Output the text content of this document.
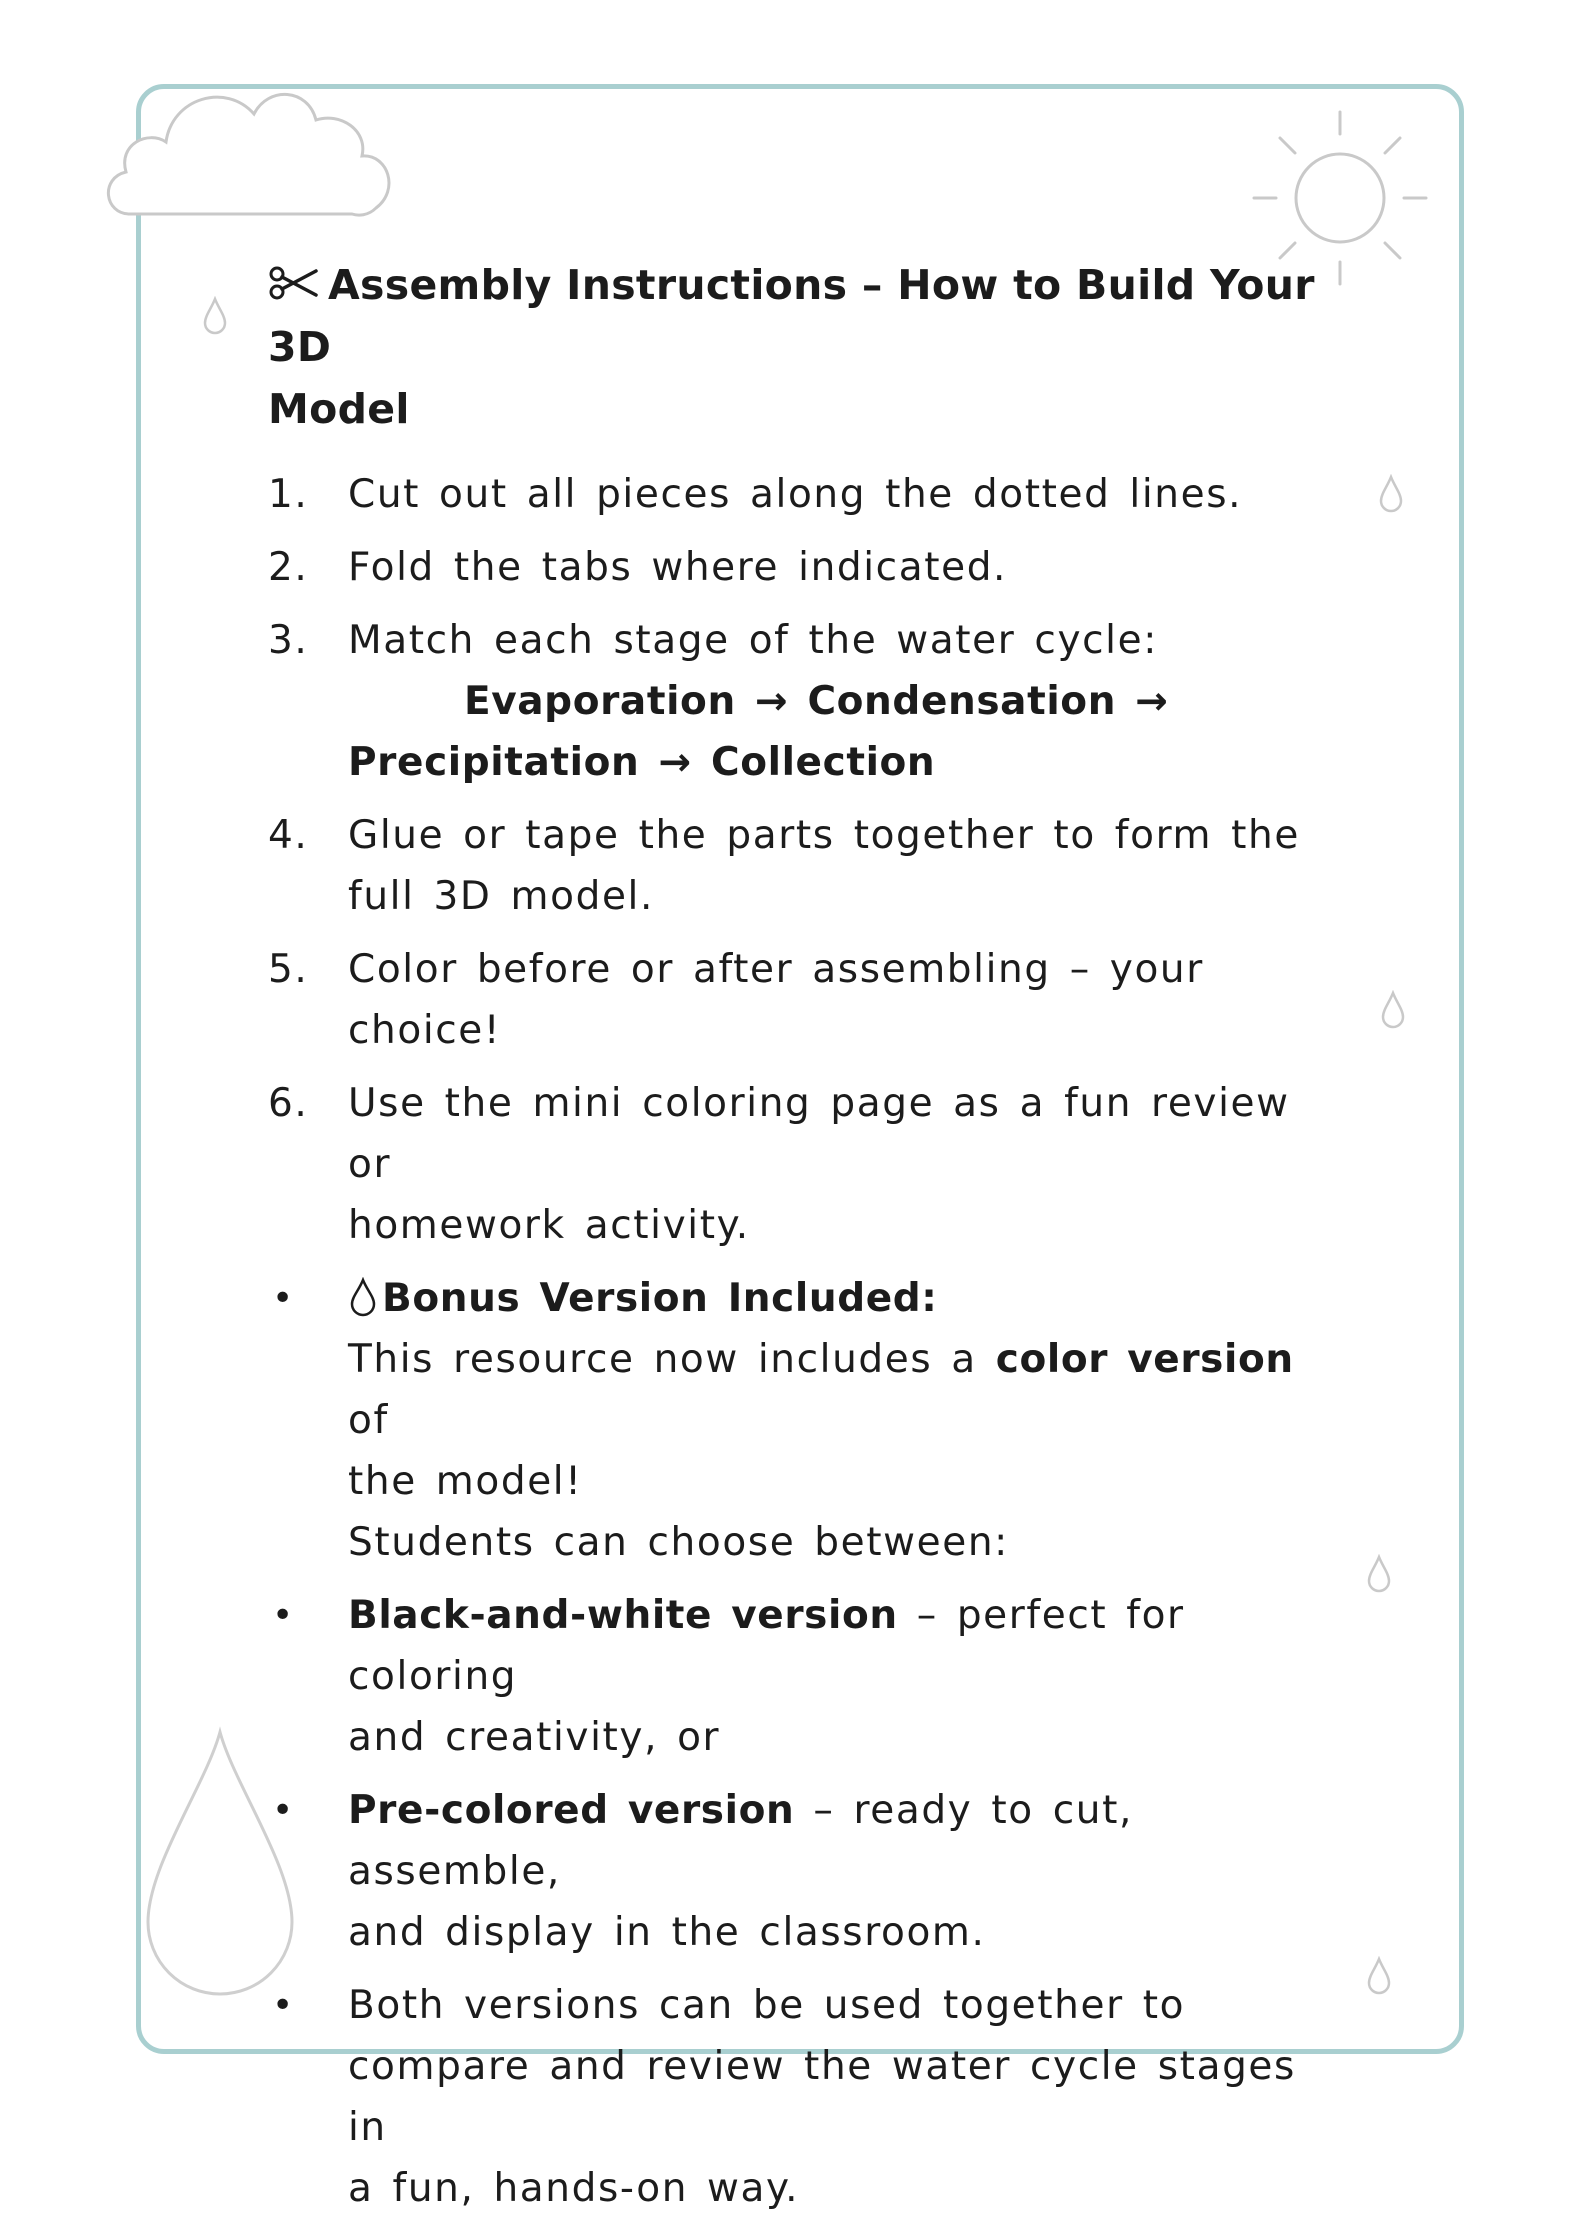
Assembly Instructions – How to Build Your 3D
Model
1. Cut out all pieces along the dotted lines.
2. Fold the tabs where indicated.
3. Match each stage of the water cycle:
Evaporation → Condensation →
Precipitation → Collection
4. Glue or tape the parts together to form the
full 3D model.
5. Color before or after assembling – your
choice!
6. Use the mini coloring page as a fun review or
homework activity.
•	Bonus Version Included:
This resource now includes a color version of
the model!
Students can choose between:
• Black-and-white version – perfect for coloring
and creativity, or
• Pre-colored version – ready to cut, assemble,
and display in the classroom.
• Both versions can be used together to
compare and review the water cycle stages in
a fun, hands-on way.
